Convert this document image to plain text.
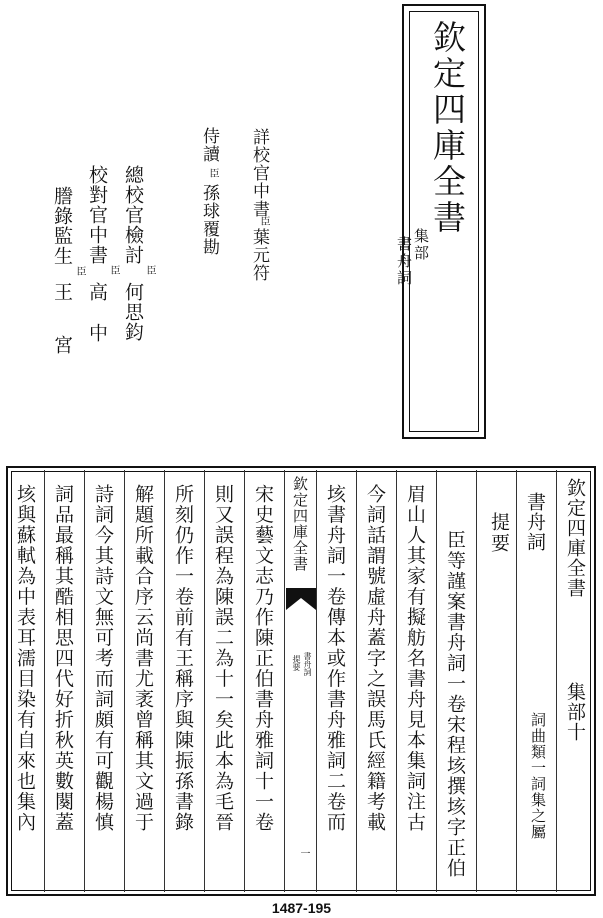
欽定四庫全書
集部
書舟詞
詳校官中書
臣
葉元符
侍讀
臣
孫球覆勘
總校官檢討
臣
何思鈞
校對官中書
臣
高中
謄錄監生
臣
王宮
欽定四庫全書
集部十
書舟詞
詞曲類一詞集之屬
提要
臣等謹案書舟詞一卷宋程垓撰垓字正伯
眉山人其家有擬舫名書舟見本集詞注古
今詞話謂號虛舟蓋字之誤馬氏經籍考載
垓書舟詞一卷傳本或作書舟雅詞二卷而
欽定四庫全書
書舟詞
提要
一
宋史藝文志乃作陳正伯書舟雅詞十一卷
則又誤程為陳誤二為十一矣此本為毛晉
所刻仍作一卷前有王稱序與陳振孫書錄
解題所載合序云尚書尤袤曾稱其文過于
詩詞今其詩文無可考而詞頗有可觀楊慎
詞品最稱其酷相思四代好折秋英數闋蓋
垓與蘇軾為中表耳濡目染有自來也集內
1487-195
